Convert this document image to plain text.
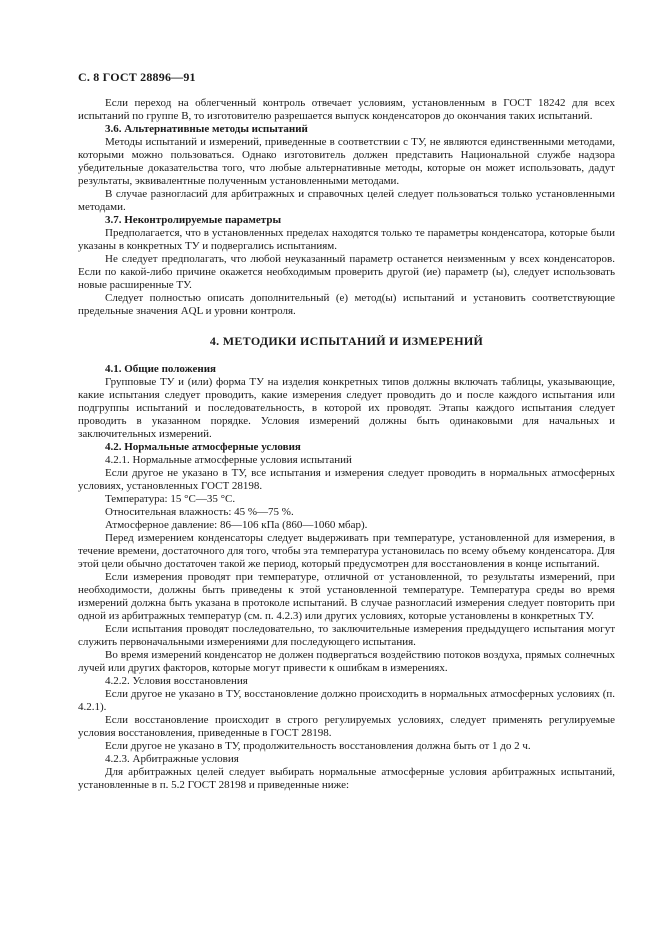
С. 8 ГОСТ 28896—91

Если переход на облегченный контроль отвечает условиям, установленным в ГОСТ 18242 для всех испытаний по группе В, то изготовителю разрешается выпуск конденсаторов до окончания таких испытаний.

3.6. Альтернативные методы испытаний

Методы испытаний и измерений, приведенные в соответствии с ТУ, не являются единственными методами, которыми можно пользоваться. Однако изготовитель должен представить Национальной службе надзора убедительные доказательства того, что любые альтернативные методы, которые он может использовать, дадут результаты, эквивалентные полученным установленными методами.

В случае разногласий для арбитражных и справочных целей следует пользоваться только установленными методами.

3.7. Неконтролируемые параметры

Предполагается, что в установленных пределах находятся только те параметры конденсатора, которые были указаны в конкретных ТУ и подвергались испытаниям.

Не следует предполагать, что любой неуказанный параметр останется неизменным у всех конденсаторов. Если по какой-либо причине окажется необходимым проверить другой (ие) параметр (ы), следует использовать новые расширенные ТУ.

Следует полностью описать дополнительный (е) метод(ы) испытаний и установить соответствующие предельные значения AQL и уровни контроля.

4. МЕТОДИКИ ИСПЫТАНИЙ И ИЗМЕРЕНИЙ

4.1. Общие положения

Групповые ТУ и (или) форма ТУ на изделия конкретных типов должны включать таблицы, указывающие, какие испытания следует проводить, какие измерения следует проводить до и после каждого испытания или подгруппы испытаний и последовательность, в которой их проводят. Этапы каждого испытания следует проводить в указанном порядке. Условия измерений должны быть одинаковыми для начальных и заключительных измерений.

4.2. Нормальные атмосферные условия

4.2.1. Нормальные атмосферные условия испытаний

Если другое не указано в ТУ, все испытания и измерения следует проводить в нормальных атмосферных условиях, установленных ГОСТ 28198.

Температура: 15 °С—35 °С.

Относительная влажность: 45 %—75 %.

Атмосферное давление: 86—106 кПа (860—1060 мбар).

Перед измерением конденсаторы следует выдерживать при температуре, установленной для измерения, в течение времени, достаточного для того, чтобы эта температура установилась по всему объему конденсатора. Для этой цели обычно достаточен такой же период, который предусмотрен для восстановления в конце испытаний.

Если измерения проводят при температуре, отличной от установленной, то результаты измерений, при необходимости, должны быть приведены к этой установленной температуре. Температура среды во время измерений должна быть указана в протоколе испытаний. В случае разногласий измерения следует повторить при одной из арбитражных температур (см. п. 4.2.3) или других условиях, которые установлены в конкретных ТУ.

Если испытания проводят последовательно, то заключительные измерения предыдущего испытания могут служить первоначальными измерениями для последующего испытания.

Во время измерений конденсатор не должен подвергаться воздействию потоков воздуха, прямых солнечных лучей или других факторов, которые могут привести к ошибкам в измерениях.

4.2.2. Условия восстановления

Если другое не указано в ТУ, восстановление должно происходить в нормальных атмосферных условиях (п. 4.2.1).

Если восстановление происходит в строго регулируемых условиях, следует применять регулируемые условия восстановления, приведенные в ГОСТ 28198.

Если другое не указано в ТУ, продолжительность восстановления должна быть от 1 до 2 ч.

4.2.3. Арбитражные условия

Для арбитражных целей следует выбирать нормальные атмосферные условия арбитражных испытаний, установленные в п. 5.2 ГОСТ 28198 и приведенные ниже:
